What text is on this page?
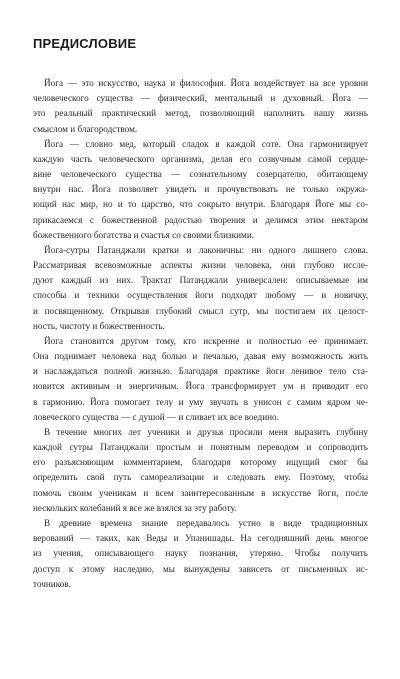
ПРЕДИСЛОВИЕ
Йога — это искусство, наука и философия. Йога воздействует на все уровни
человеческого существа — физический, ментальный и духовный. Йога —
это реальный практический метод, позволяющий наполнить нашу жизнь
смыслом и благородством.
Йога — словно мед, который сладок в каждой соте. Она гармонизирует
каждую часть человеческого организма, делая его созвучным самой сердце-
вине человеческого существа — сознательному созерцателю, обитающему
внутри нас. Йога позволяет увидеть и прочувствовать не только окружа-
ющий нас мир, но и то царство, что сокрыто внутри. Благодаря Йоге мы со-
прикасаемся с божественной радостью творения и делимся этим нектаром
божественного богатства и счастья со своими близкими.
Йога-сутры Патанджали кратки и лаконичны: ни одного лишнего слова.
Рассматривая всевозможные аспекты жизни человека, они глубоко иссле-
дуют каждый из них. Трактат Патанджали универсален: описываемые им
способы и техники осуществления йоги подходят любому — и новичку,
и посвященному. Открывая глубокий смысл сутр, мы постигаем их целост-
ность, чистоту и божественность.
Йога становится другом тому, кто искренне и полностью ее принимает.
Она поднимает человека над болью и печалью, давая ему возможность жить
и наслаждаться полной жизнью. Благодаря практике йоги ленивое тело ста-
новится активным и энергичным. Йога трансформирует ум и приводит его
в гармонию. Йога помогает телу и уму звучать в унисон с самим ядром че-
ловеческого существа — с душой — и сливает их все воедино.
В течение многих лет ученики и друзья просили меня выразить глубину
каждой сутры Патанджали простым и понятным переводом и сопроводить
его разъясняющим комментарием, благодаря которому ищущий смог бы
определить свой путь самореализации и следовать ему. Поэтому, чтобы
помочь своим ученикам и всем заинтересованным в искусстве йоги, после
нескольких колебаний я все же взялся за эту работу.
В древние времена знание передавалось устно в виде традиционных
верований — таких, как Веды и Упанишады. На сегодняшний день многое
из учения, описывающего науку познания, утеряно. Чтобы получить
доступ к этому наследию, мы вынуждены зависеть от письменных ис-
точников.
